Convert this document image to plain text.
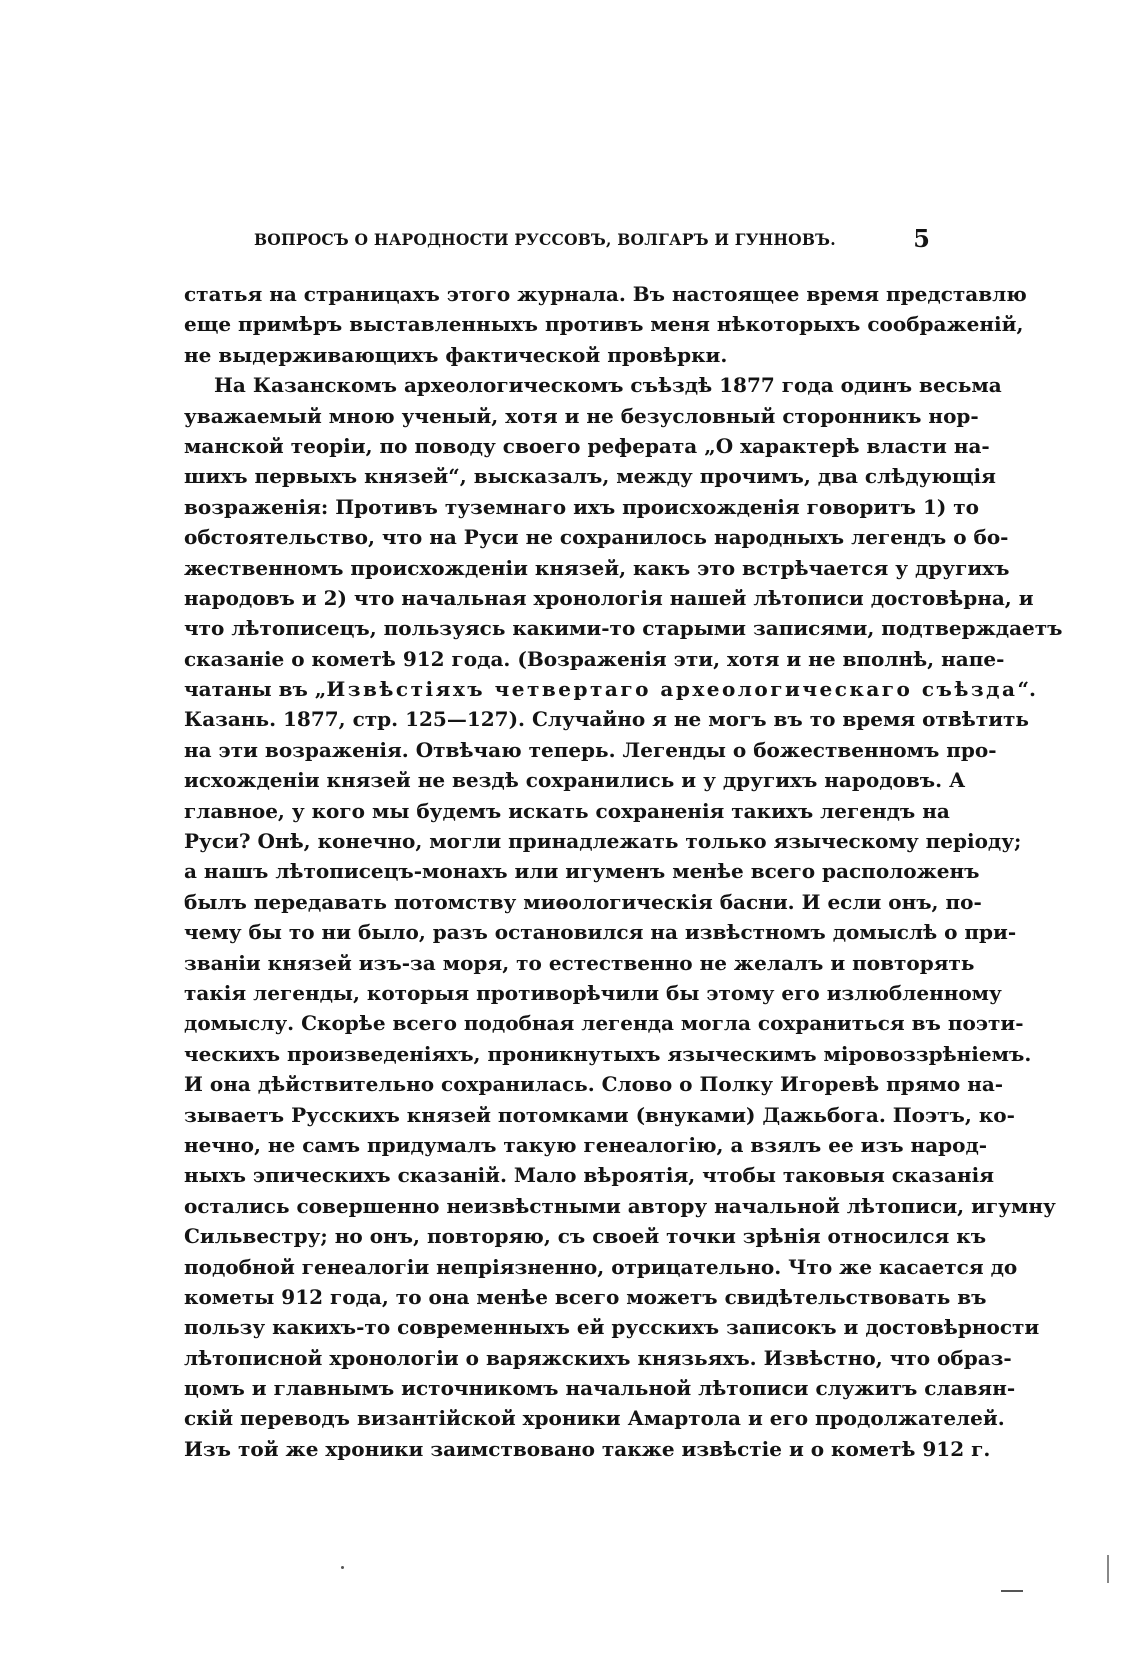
ВОПРОСЪ О НАРОДНОСТИ РУССОВЪ, ВОЛГАРЪ И ГУННОВЪ.	5
статья на страницахъ этого журнала. Въ настоящее время представлю
еще примѣръ выставленныхъ противъ меня нѣкоторыхъ соображеній,
не выдерживающихъ фактической провѣрки.
На Казанскомъ археологическомъ съѣздѣ 1877 года одинъ весьма
уважаемый мною ученый, хотя и не безусловный сторонникъ нор-
манской теоріи, по поводу своего реферата „О характерѣ власти на-
шихъ первыхъ князей“, высказалъ, между прочимъ, два слѣдующія
возраженія: Противъ туземнаго ихъ происхожденія говоритъ 1) то
обстоятельство, что на Руси не сохранилось народныхъ легендъ о бо-
жественномъ происхожденіи князей, какъ это встрѣчается у другихъ
народовъ и 2) что начальная хронологія нашей лѣтописи достовѣрна, и
что лѣтописецъ, пользуясь какими-то старыми записями, подтверждаетъ
сказаніе о кометѣ 912 года. (Возраженія эти, хотя и не вполнѣ, напе-
чатаны въ „Извѣстіяхъ четвертаго археологическаго съѣзда“.
Казань. 1877, стр. 125—127). Случайно я не могъ въ то время отвѣтить
на эти возраженія. Отвѣчаю теперь. Легенды о божественномъ про-
исхожденіи князей не вездѣ сохранились и у другихъ народовъ. А
главное, у кого мы будемъ искать сохраненія такихъ легендъ на
Руси? Онѣ, конечно, могли принадлежать только языческому періоду;
а нашъ лѣтописецъ-монахъ или игуменъ менѣе всего расположенъ
былъ передавать потомству миѳологическія басни. И если онъ, по-
чему бы то ни было, разъ остановился на извѣстномъ домыслѣ о при-
званіи князей изъ-за моря, то естественно не желалъ и повторять
такія легенды, которыя противорѣчили бы этому его излюбленному
домыслу. Скорѣе всего подобная легенда могла сохраниться въ поэти-
ческихъ произведеніяхъ, проникнутыхъ языческимъ міровоззрѣніемъ.
И она дѣйствительно сохранилась. Слово о Полку Игоревѣ прямо на-
зываетъ Русскихъ князей потомками (внуками) Дажьбога. Поэтъ, ко-
нечно, не самъ придумалъ такую генеалогію, а взялъ ее изъ народ-
ныхъ эпическихъ сказаній. Мало вѣроятія, чтобы таковыя сказанія
остались совершенно неизвѣстными автору начальной лѣтописи, игумну
Сильвестру; но онъ, повторяю, съ своей точки зрѣнія относился къ
подобной генеалогіи непріязненно, отрицательно. Что же касается до
кометы 912 года, то она менѣе всего можетъ свидѣтельствовать въ
пользу какихъ-то современныхъ ей русскихъ записокъ и достовѣрности
лѣтописной хронологіи о варяжскихъ князьяхъ. Извѣстно, что образ-
цомъ и главнымъ источникомъ начальной лѣтописи служитъ славян-
скій переводъ византійской хроники Амартола и его продолжателей.
Изъ той же хроники заимствовано также извѣстіе и о кометѣ 912 г.
